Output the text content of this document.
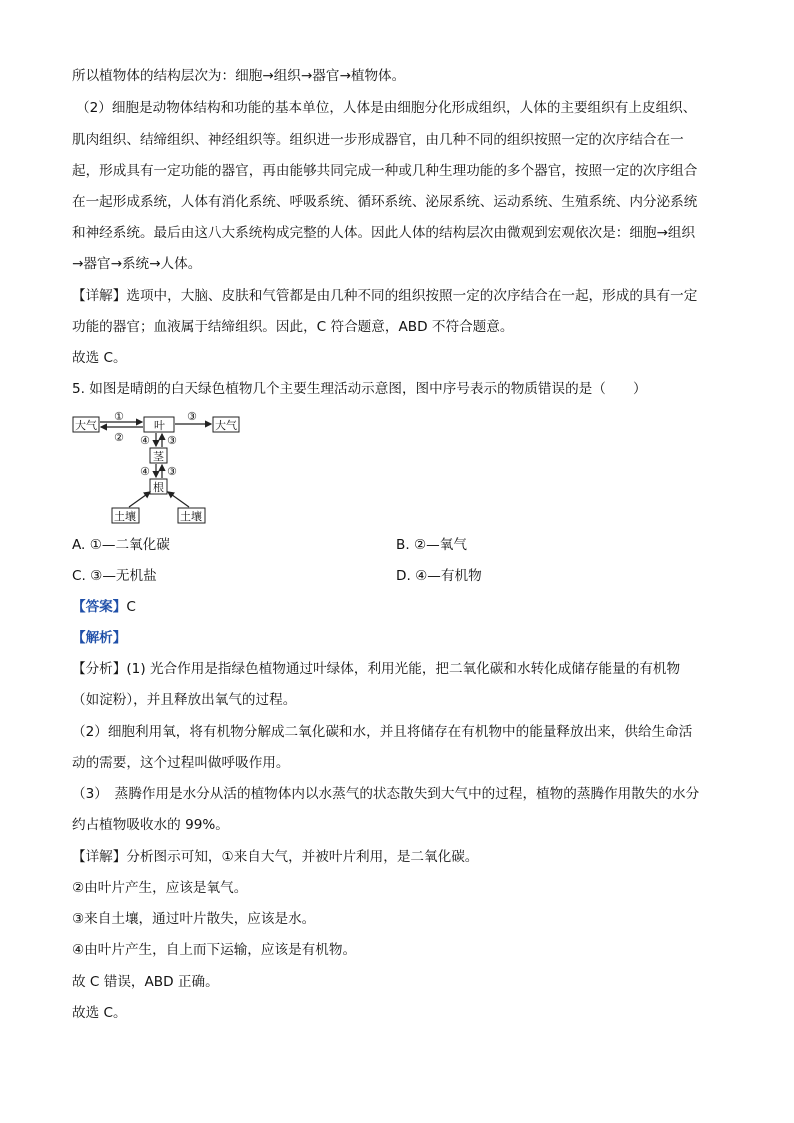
所以植物体的结构层次为：细胞→组织→器官→植物体。
（2）细胞是动物体结构和功能的基本单位，人体是由细胞分化形成组织，人体的主要组织有上皮组织、
肌肉组织、结缔组织、神经组织等。组织进一步形成器官，由几种不同的组织按照一定的次序结合在一
起，形成具有一定功能的器官，再由能够共同完成一种或几种生理功能的多个器官，按照一定的次序组合
在一起形成系统，人体有消化系统、呼吸系统、循环系统、泌尿系统、运动系统、生殖系统、内分泌系统
和神经系统。最后由这八大系统构成完整的人体。因此人体的结构层次由微观到宏观依次是：细胞→组织
→器官→系统→人体。
【详解】选项中，大脑、皮肤和气管都是由几种不同的组织按照一定的次序结合在一起，形成的具有一定
功能的器官；血液属于结缔组织。因此，C 符合题意，ABD 不符合题意。
故选 C。
5. 如图是晴朗的白天绿色植物几个主要生理活动示意图，图中序号表示的物质错误的是（　　）
大气	叶	大气
茎
根
土壤	土壤
①
②
③
④ ③
④ ③
A. ①—二氧化碳	B. ②—氧气
C. ③—无机盐	D. ④—有机物
【答案】C
【解析】
【分析】(1) 光合作用是指绿色植物通过叶绿体，利用光能，把二氧化碳和水转化成储存能量的有机物
（如淀粉），并且释放出氧气的过程。
（2）细胞利用氧，将有机物分解成二氧化碳和水，并且将储存在有机物中的能量释放出来，供给生命活
动的需要，这个过程叫做呼吸作用。
（3）　蒸腾作用是水分从活的植物体内以水蒸气的状态散失到大气中的过程，植物的蒸腾作用散失的水分
约占植物吸收水的 99%。
【详解】分析图示可知，①来自大气，并被叶片利用，是二氧化碳。
②由叶片产生，应该是氧气。
③来自土壤，通过叶片散失，应该是水。
④由叶片产生，自上而下运输，应该是有机物。
故 C 错误，ABD 正确。
故选 C。
